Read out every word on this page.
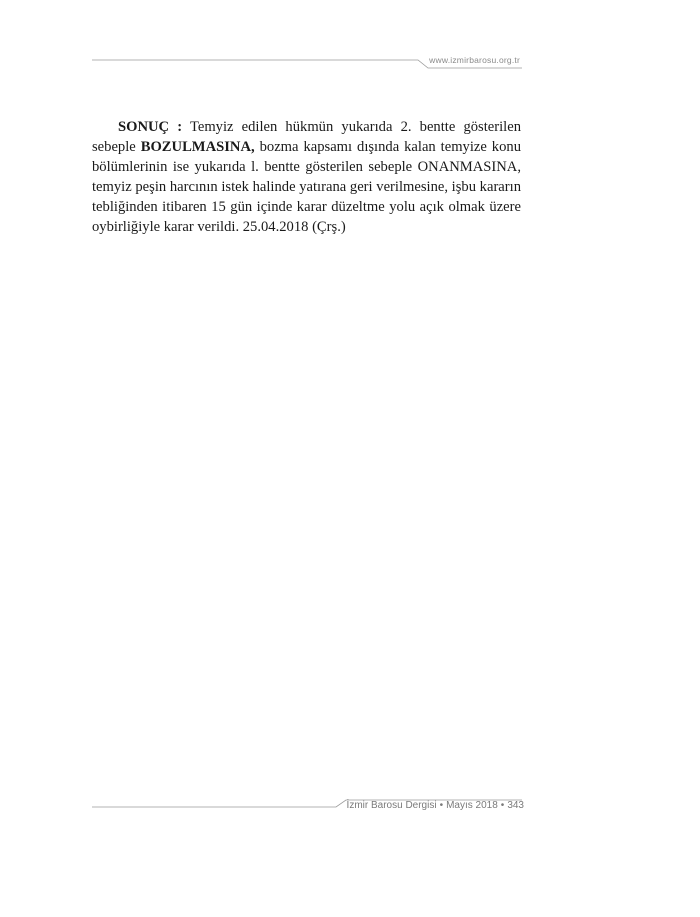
www.izmirbarosu.org.tr

SONUÇ : Temyiz edilen hükmün yukarıda 2. bentte gösterilen sebeple BOZULMASINA, bozma kapsamı dışında kalan temyize konu bölümlerinin ise yukarıda l. bentte gösterilen sebeple ONANMASINA, temyiz peşin harcının istek halinde yatırana geri verilmesine, işbu kararın tebliğinden itibaren 15 gün içinde karar düzeltme yolu açık olmak üzere oybirliğiyle karar verildi. 25.04.2018 (Çrş.)

İzmir Barosu Dergisi • Mayıs 2018 • 343
